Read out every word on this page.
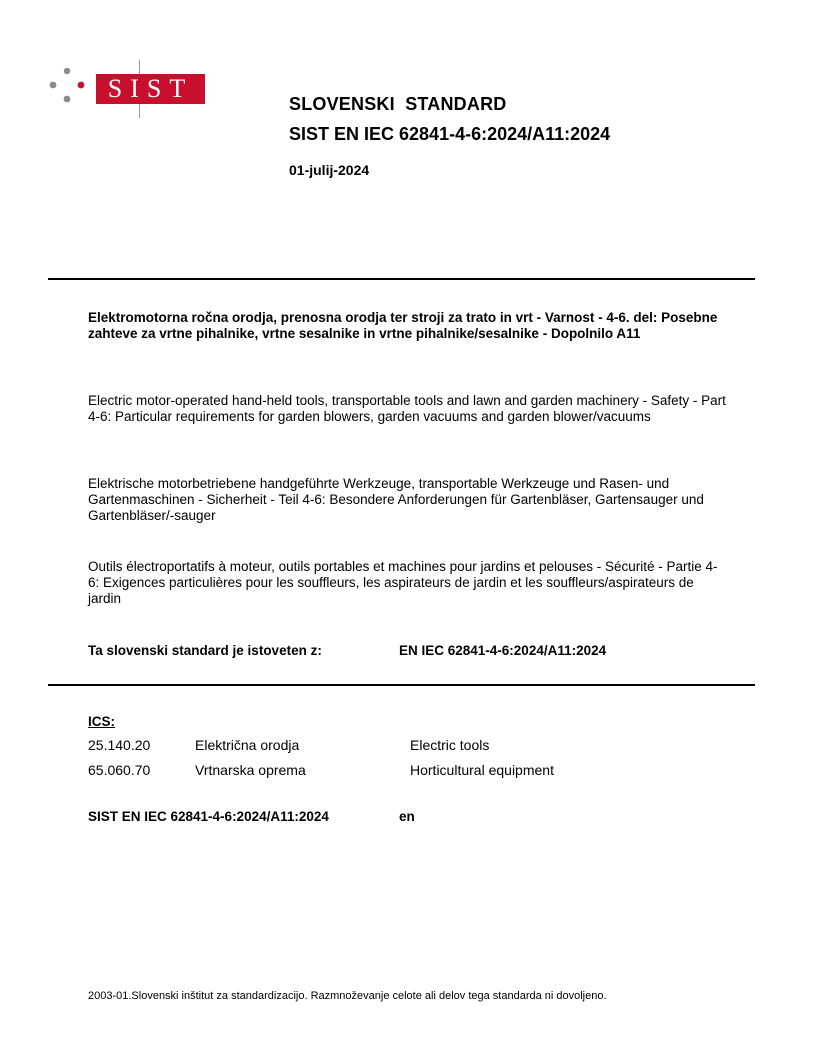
SIST
SLOVENSKI  STANDARD
SIST EN IEC 62841-4-6:2024/A11:2024
01-julij-2024
Elektromotorna ročna orodja, prenosna orodja ter stroji za trato in vrt - Varnost - 4-6. del: Posebne zahteve za vrtne pihalnike, vrtne sesalnike in vrtne pihalnike/sesalnike - Dopolnilo A11
Electric motor-operated hand-held tools, transportable tools and lawn and garden machinery - Safety - Part 4-6: Particular requirements for garden blowers, garden vacuums and garden blower/vacuums
Elektrische motorbetriebene handgeführte Werkzeuge, transportable Werkzeuge und Rasen- und Gartenmaschinen - Sicherheit - Teil 4-6: Besondere Anforderungen für Gartenbläser, Gartensauger und Gartenbläser/-sauger
Outils électroportatifs à moteur, outils portables et machines pour jardins et pelouses - Sécurité - Partie 4-6: Exigences particulières pour les souffleurs, les aspirateurs de jardin et les souffleurs/aspirateurs de jardin
Ta slovenski standard je istoveten z:	EN IEC 62841-4-6:2024/A11:2024
ICS:
25.140.20	Električna orodja	Electric tools
65.060.70	Vrtnarska oprema	Horticultural equipment
SIST EN IEC 62841-4-6:2024/A11:2024	en
2003-01.Slovenski inštitut za standardizacijo. Razmnoževanje celote ali delov tega standarda ni dovoljeno.
